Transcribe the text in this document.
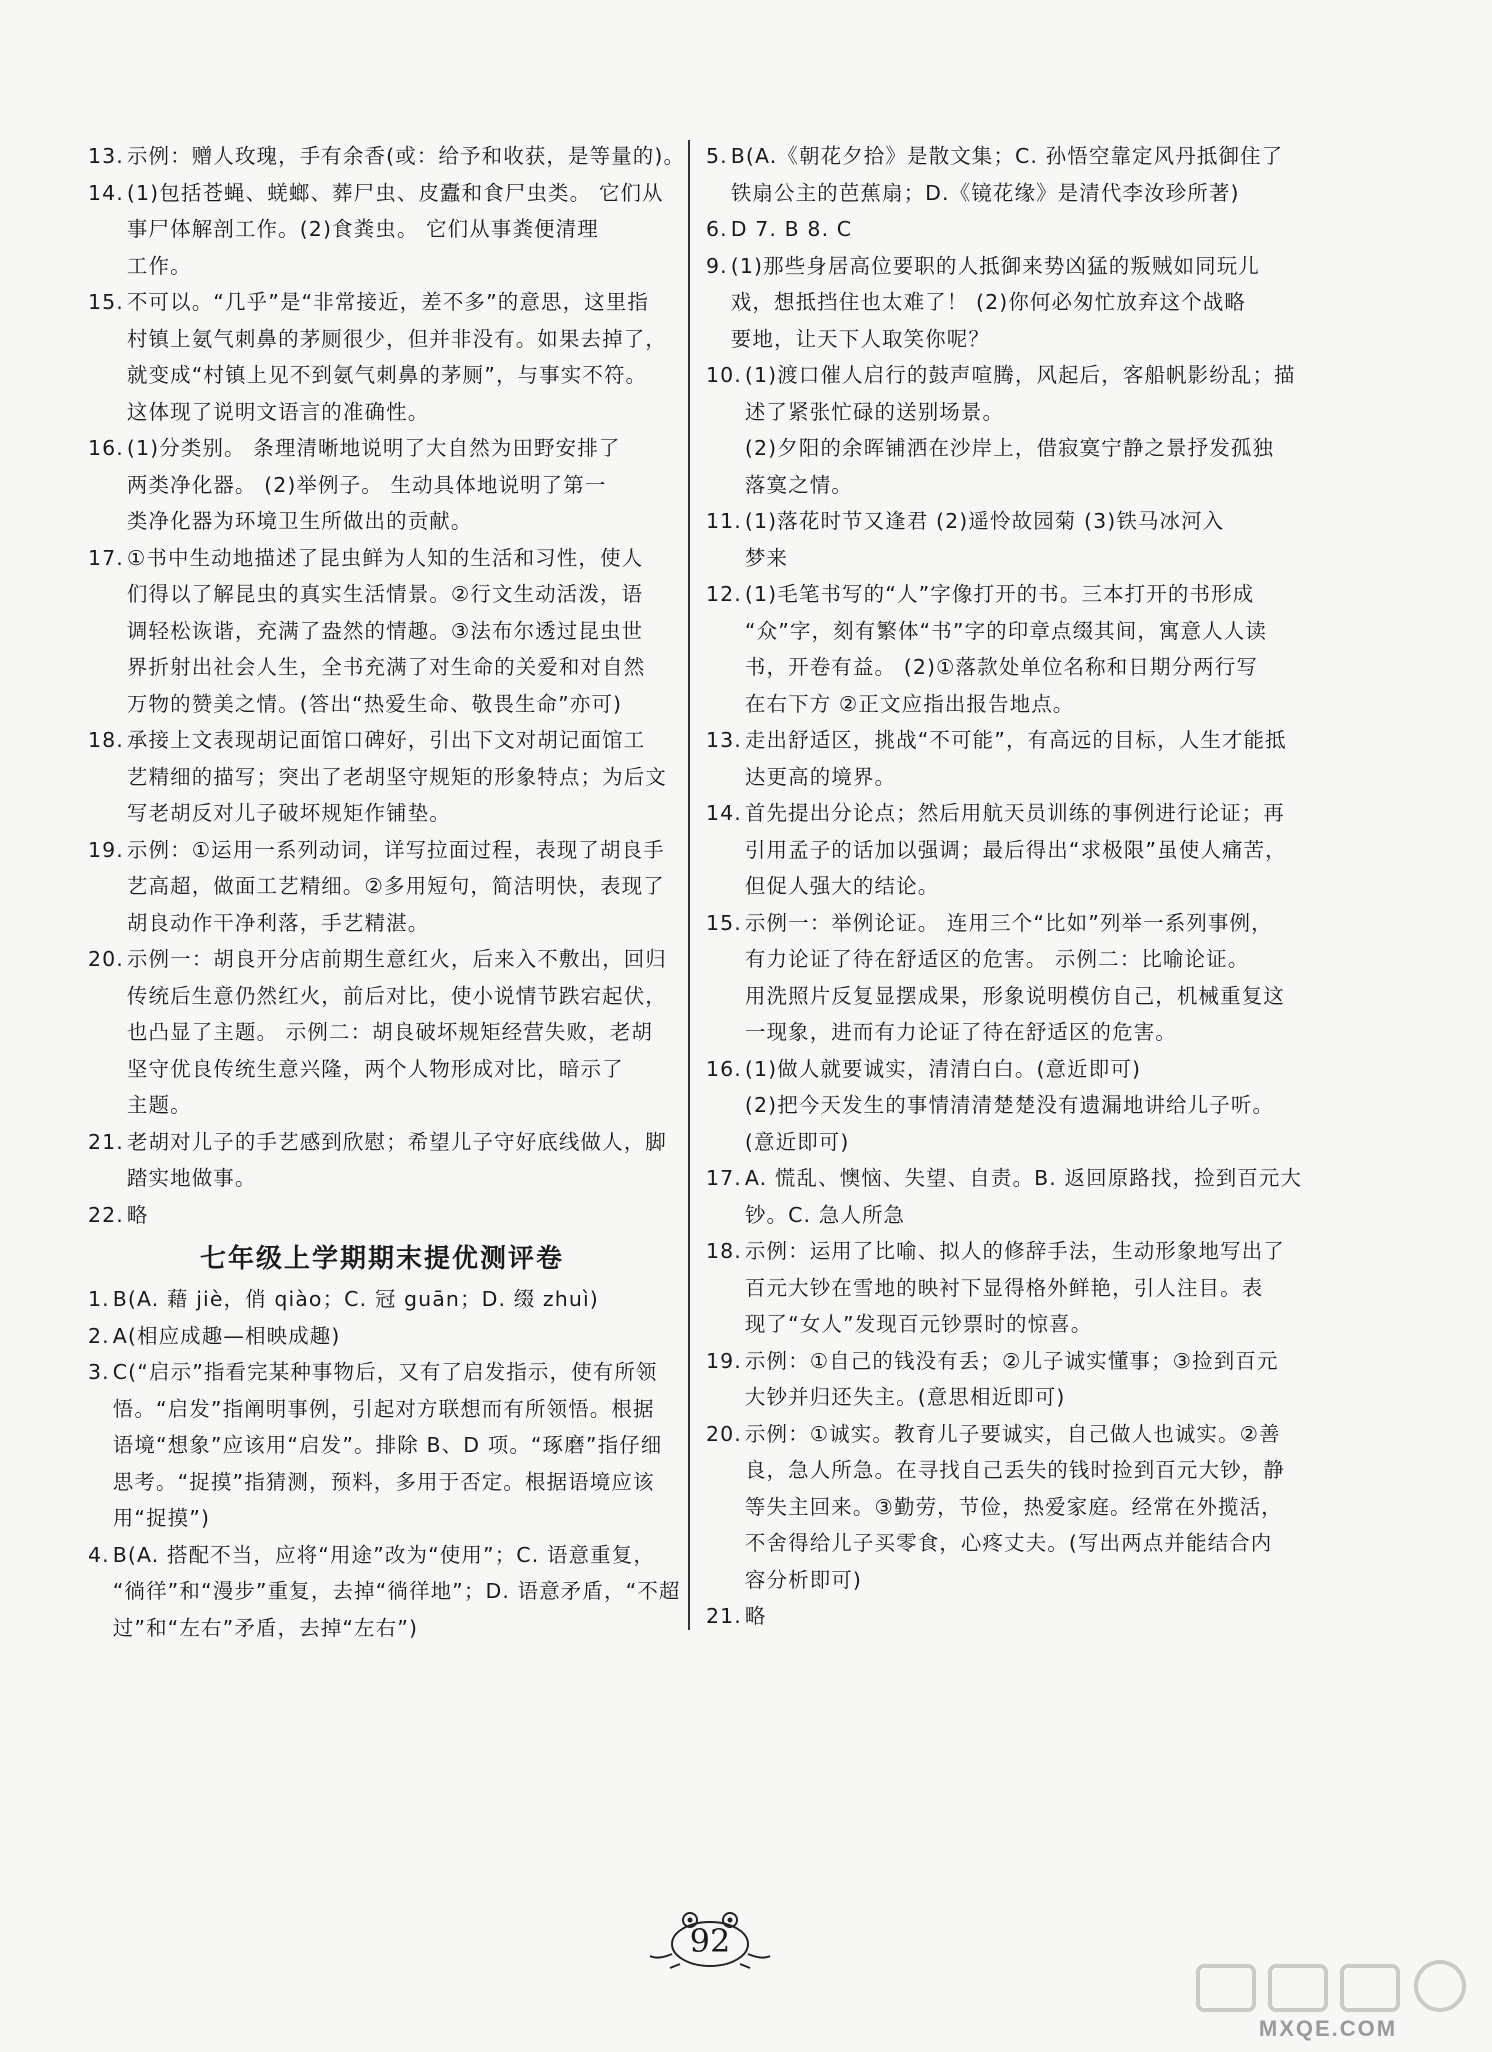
13. 示例：赠人玫瑰，手有余香(或：给予和收获，是等量的)。
14. (1)包括苍蝇、蜣螂、葬尸虫、皮蠹和食尸虫类。 它们从
事尸体解剖工作。(2)食粪虫。 它们从事粪便清理
工作。
15. 不可以。“几乎”是“非常接近，差不多”的意思，这里指
村镇上氨气刺鼻的茅厕很少，但并非没有。如果去掉了，
就变成“村镇上见不到氨气刺鼻的茅厕”，与事实不符。
这体现了说明文语言的准确性。
16. (1)分类别。 条理清晰地说明了大自然为田野安排了
两类净化器。 (2)举例子。 生动具体地说明了第一
类净化器为环境卫生所做出的贡献。
17. ①书中生动地描述了昆虫鲜为人知的生活和习性，使人
们得以了解昆虫的真实生活情景。②行文生动活泼，语
调轻松诙谐，充满了盎然的情趣。③法布尔透过昆虫世
界折射出社会人生，全书充满了对生命的关爱和对自然
万物的赞美之情。(答出“热爱生命、敬畏生命”亦可)
18. 承接上文表现胡记面馆口碑好，引出下文对胡记面馆工
艺精细的描写；突出了老胡坚守规矩的形象特点；为后文
写老胡反对儿子破坏规矩作铺垫。
19. 示例：①运用一系列动词，详写拉面过程，表现了胡良手
艺高超，做面工艺精细。②多用短句，简洁明快，表现了
胡良动作干净利落，手艺精湛。
20. 示例一：胡良开分店前期生意红火，后来入不敷出，回归
传统后生意仍然红火，前后对比，使小说情节跌宕起伏，
也凸显了主题。 示例二：胡良破坏规矩经营失败，老胡
坚守优良传统生意兴隆，两个人物形成对比，暗示了
主题。
21. 老胡对儿子的手艺感到欣慰；希望儿子守好底线做人，脚
踏实地做事。
22. 略
七年级上学期期末提优测评卷
1. B(A. 藉 jiè，俏 qiào；C. 冠 guān；D. 缀 zhuì)
2. A(相应成趣—相映成趣)
3. C(“启示”指看完某种事物后，又有了启发指示，使有所领
悟。“启发”指阐明事例，引起对方联想而有所领悟。根据
语境“想象”应该用“启发”。排除 B、D 项。“琢磨”指仔细
思考。“捉摸”指猜测，预料，多用于否定。根据语境应该
用“捉摸”)
4. B(A. 搭配不当，应将“用途”改为“使用”；C. 语意重复，
“徜徉”和“漫步”重复，去掉“徜徉地”；D. 语意矛盾，“不超
过”和“左右”矛盾，去掉“左右”)
5. B(A.《朝花夕拾》是散文集；C. 孙悟空靠定风丹抵御住了
铁扇公主的芭蕉扇；D.《镜花缘》是清代李汝珍所著)
6. D 7. B 8. C
9. (1)那些身居高位要职的人抵御来势凶猛的叛贼如同玩儿
戏，想抵挡住也太难了！ (2)你何必匆忙放弃这个战略
要地，让天下人取笑你呢？
10. (1)渡口催人启行的鼓声喧腾，风起后，客船帆影纷乱；描
述了紧张忙碌的送别场景。
(2)夕阳的余晖铺洒在沙岸上，借寂寞宁静之景抒发孤独
落寞之情。
11. (1)落花时节又逢君 (2)遥怜故园菊 (3)铁马冰河入
梦来
12. (1)毛笔书写的“人”字像打开的书。三本打开的书形成
“众”字，刻有繁体“书”字的印章点缀其间，寓意人人读
书，开卷有益。 (2)①落款处单位名称和日期分两行写
在右下方 ②正文应指出报告地点。
13. 走出舒适区，挑战“不可能”，有高远的目标，人生才能抵
达更高的境界。
14. 首先提出分论点；然后用航天员训练的事例进行论证；再
引用孟子的话加以强调；最后得出“求极限”虽使人痛苦，
但促人强大的结论。
15. 示例一：举例论证。 连用三个“比如”列举一系列事例，
有力论证了待在舒适区的危害。 示例二：比喻论证。
用洗照片反复显摆成果，形象说明模仿自己，机械重复这
一现象，进而有力论证了待在舒适区的危害。
16. (1)做人就要诚实，清清白白。(意近即可)
(2)把今天发生的事情清清楚楚没有遗漏地讲给儿子听。
(意近即可)
17. A. 慌乱、懊恼、失望、自责。B. 返回原路找，捡到百元大
钞。C. 急人所急
18. 示例：运用了比喻、拟人的修辞手法，生动形象地写出了
百元大钞在雪地的映衬下显得格外鲜艳，引人注目。表
现了“女人”发现百元钞票时的惊喜。
19. 示例：①自己的钱没有丢；②儿子诚实懂事；③捡到百元
大钞并归还失主。(意思相近即可)
20. 示例：①诚实。教育儿子要诚实，自己做人也诚实。②善
良，急人所急。在寻找自己丢失的钱时捡到百元大钞，静
等失主回来。③勤劳，节俭，热爱家庭。经常在外揽活，
不舍得给儿子买零食，心疼丈夫。(写出两点并能结合内
容分析即可)
21. 略
92
MXQE.COM
